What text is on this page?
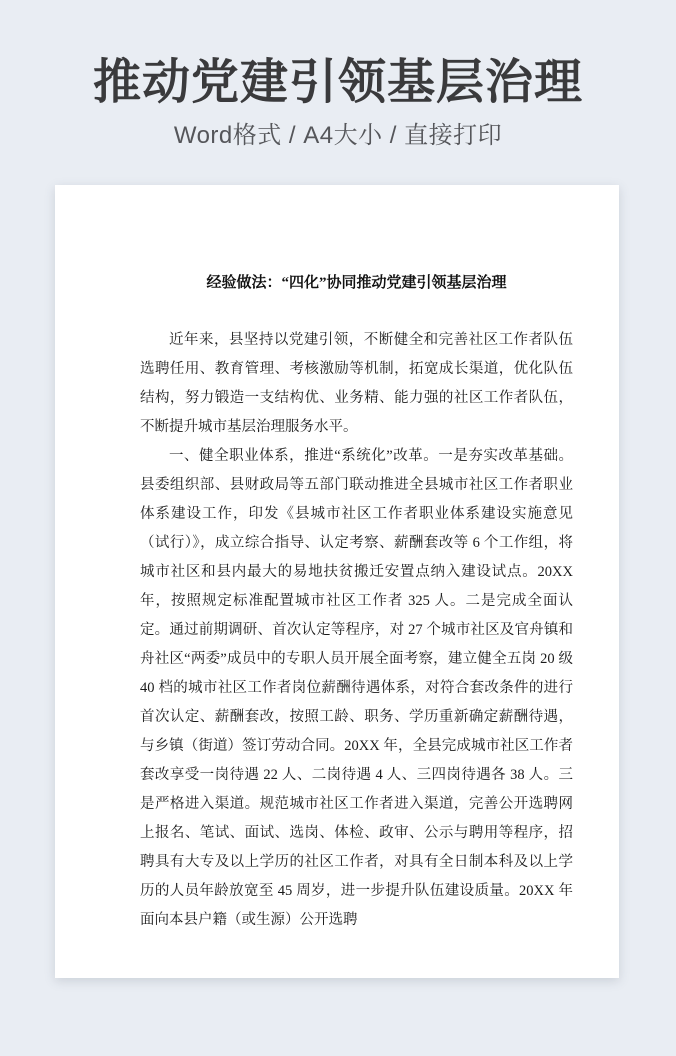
推动党建引领基层治理
Word格式 / A4大小 / 直接打印
经验做法：“四化”协同推动党建引领基层治理

近年来，县坚持以党建引领，不断健全和完善社区工作者队伍选聘任用、教育管理、考核激励等机制，拓宽成长渠道，优化队伍结构，努力锻造一支结构优、业务精、能力强的社区工作者队伍，不断提升城市基层治理服务水平。

一、健全职业体系，推进“系统化”改革。一是夯实改革基础。县委组织部、县财政局等五部门联动推进全县城市社区工作者职业体系建设工作，印发《县城市社区工作者职业体系建设实施意见（试行）》，成立综合指导、认定考察、薪酬套改等 6 个工作组，将城市社区和县内最大的易地扶贫搬迁安置点纳入建设试点。20XX 年，按照规定标准配置城市社区工作者 325 人。二是完成全面认定。通过前期调研、首次认定等程序，对 27 个城市社区及官舟镇和舟社区“两委”成员中的专职人员开展全面考察，建立健全五岗 20 级 40 档的城市社区工作者岗位薪酬待遇体系，对符合套改条件的进行首次认定、薪酬套改，按照工龄、职务、学历重新确定薪酬待遇，与乡镇（街道）签订劳动合同。20XX 年，全县完成城市社区工作者套改享受一岗待遇 22 人、二岗待遇 4 人、三四岗待遇各 38 人。三是严格进入渠道。规范城市社区工作者进入渠道，完善公开选聘网上报名、笔试、面试、选岗、体检、政审、公示与聘用等程序，招聘具有大专及以上学历的社区工作者，对具有全日制本科及以上学历的人员年龄放宽至 45 周岁，进一步提升队伍建设质量。20XX 年面向本县户籍（或生源）公开选聘
